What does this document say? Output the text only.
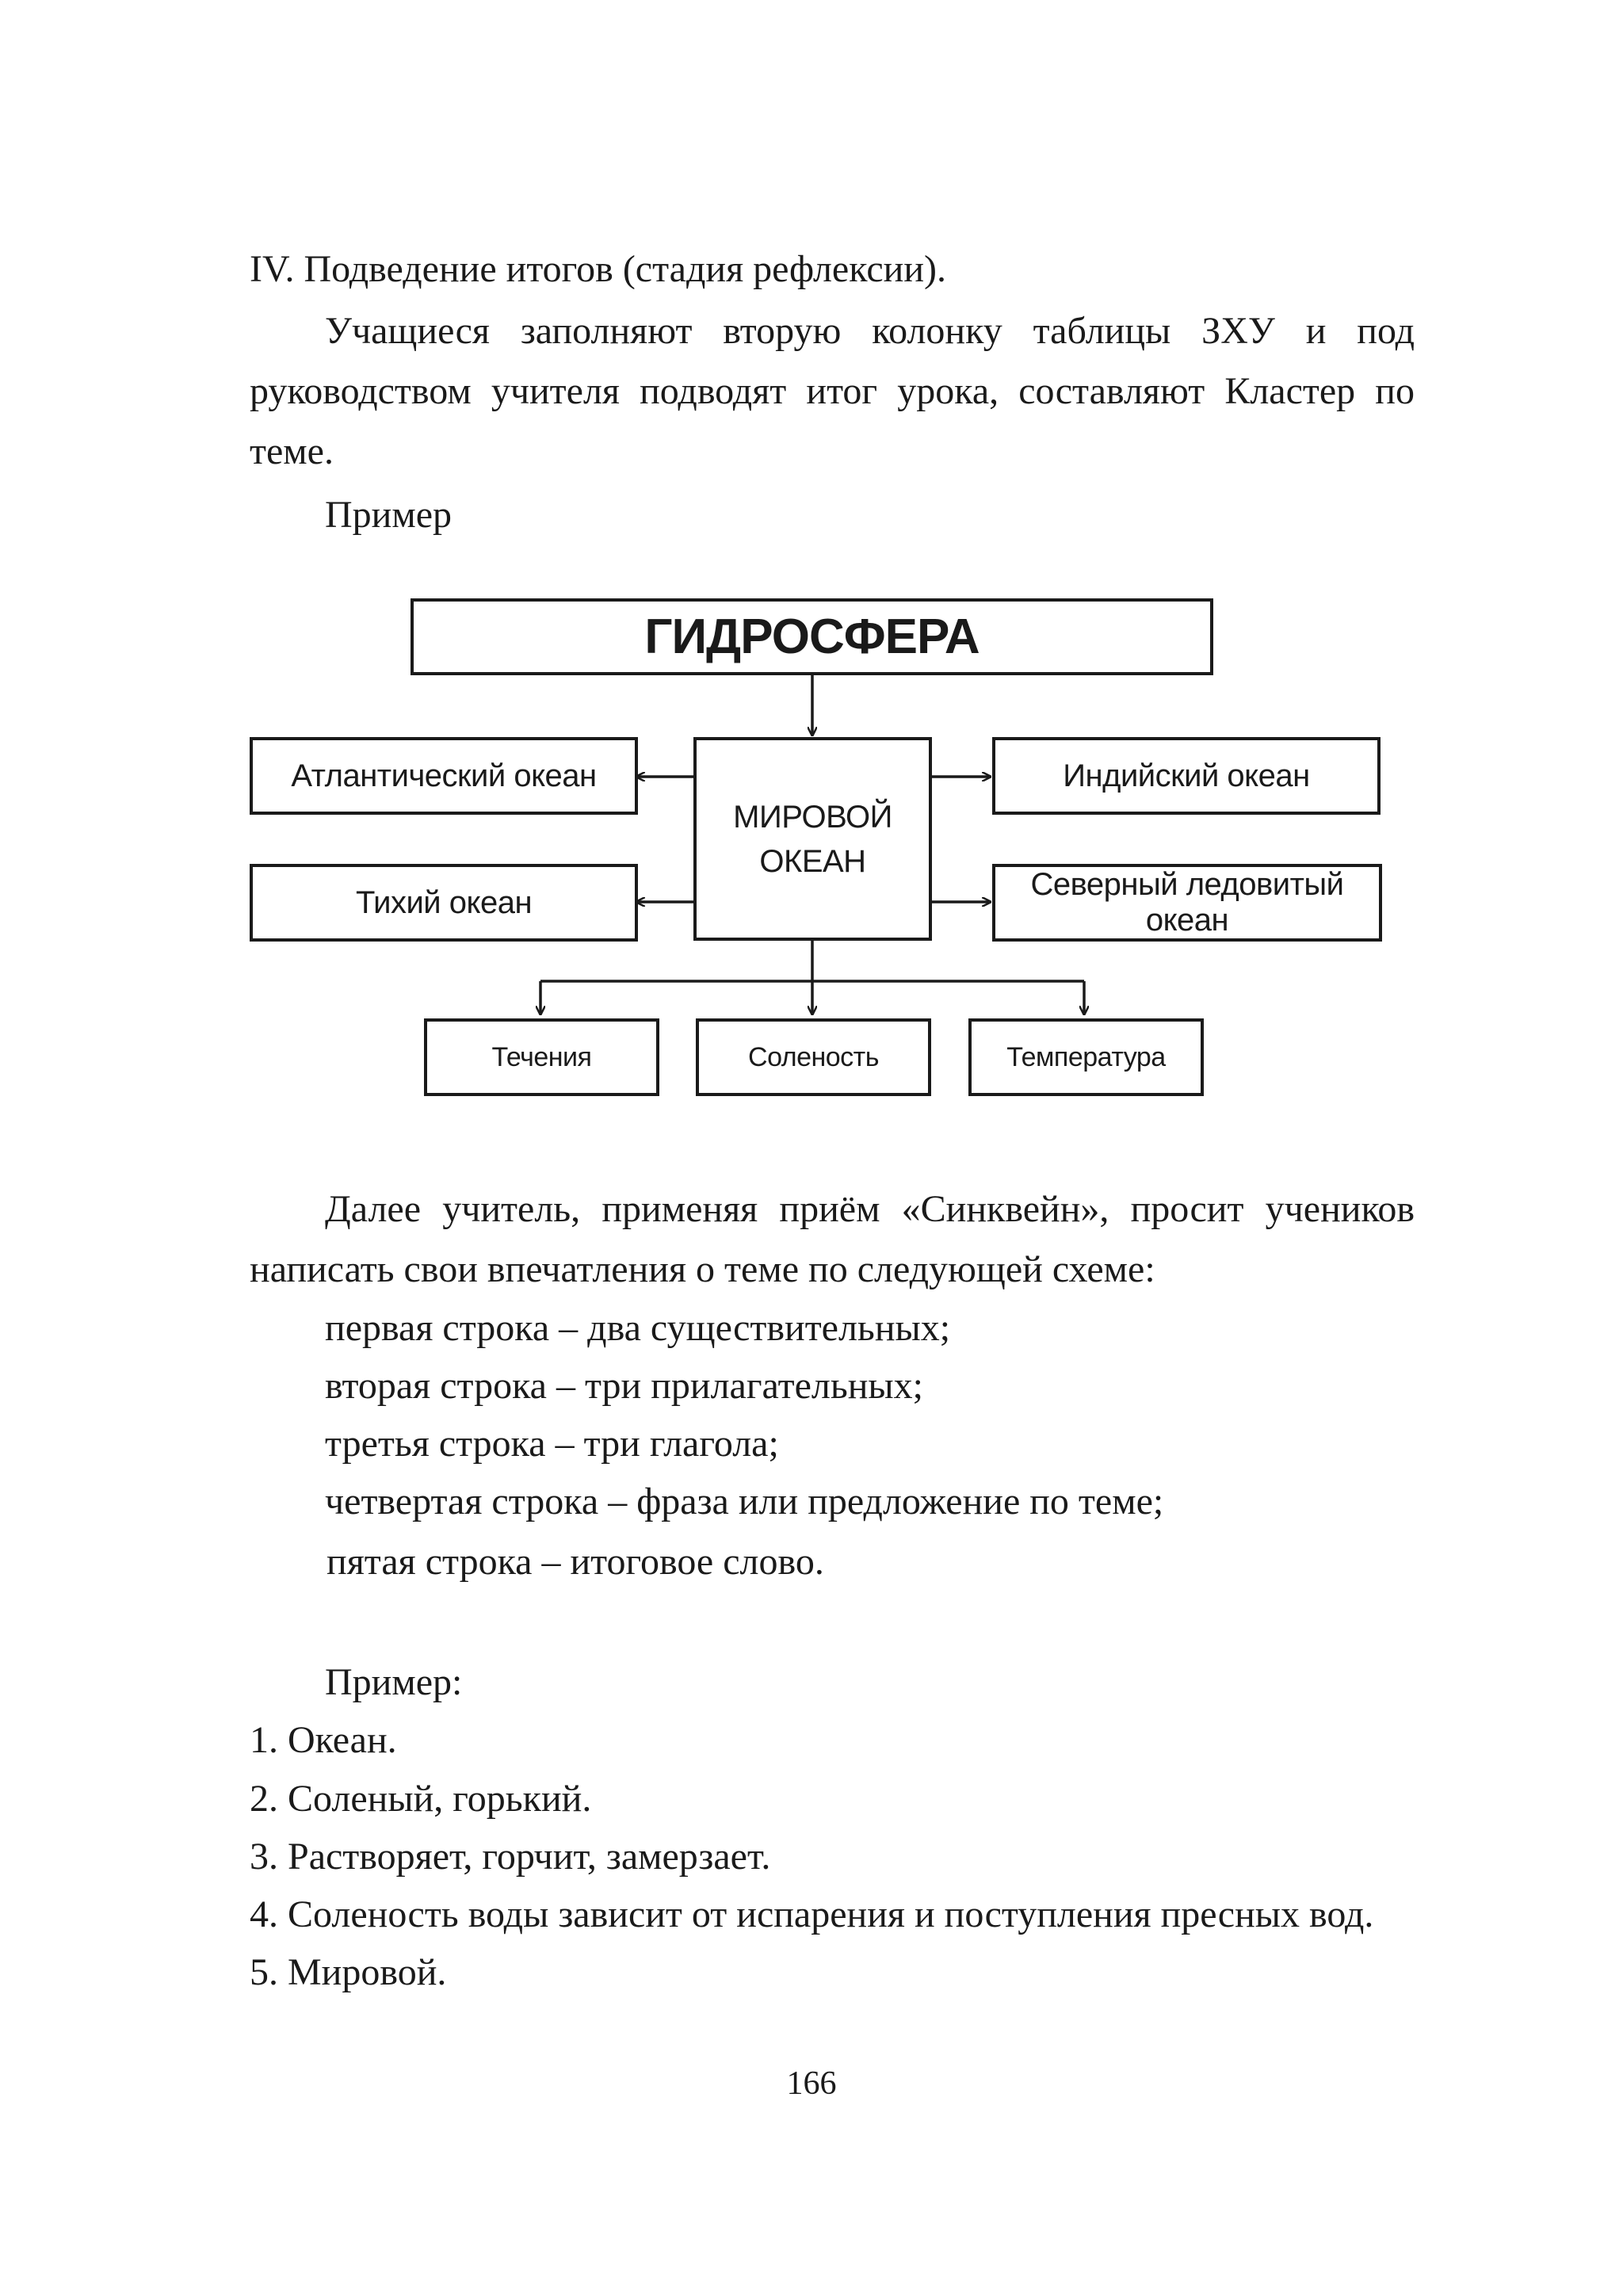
IV. Подведение итогов (стадия рефлексии).

Учащиеся заполняют вторую колонку таблицы ЗХУ и под руководством учителя подводят итог урока, составляют Кластер по теме.

Пример

ГИДРОСФЕРА
МИРОВОЙ
ОКЕАН
Атлантический океан
Тихий океан
Индийский океан
Северный ледовитый океан
Течения	Соленость	Температура

Далее учитель, применяя приём «Синквейн», просит учеников написать свои впечатления о теме по следующей схеме:

первая строка – два существительных;

вторая строка – три прилагательных;

третья строка – три глагола;

четвертая строка – фраза или предложение по теме;

пятая строка – итоговое слово.

Пример:

1. Океан.

2. Соленый, горький.

3. Растворяет, горчит, замерзает.

4. Соленость воды зависит от испарения и поступления пресных вод.

5. Мировой.

166
